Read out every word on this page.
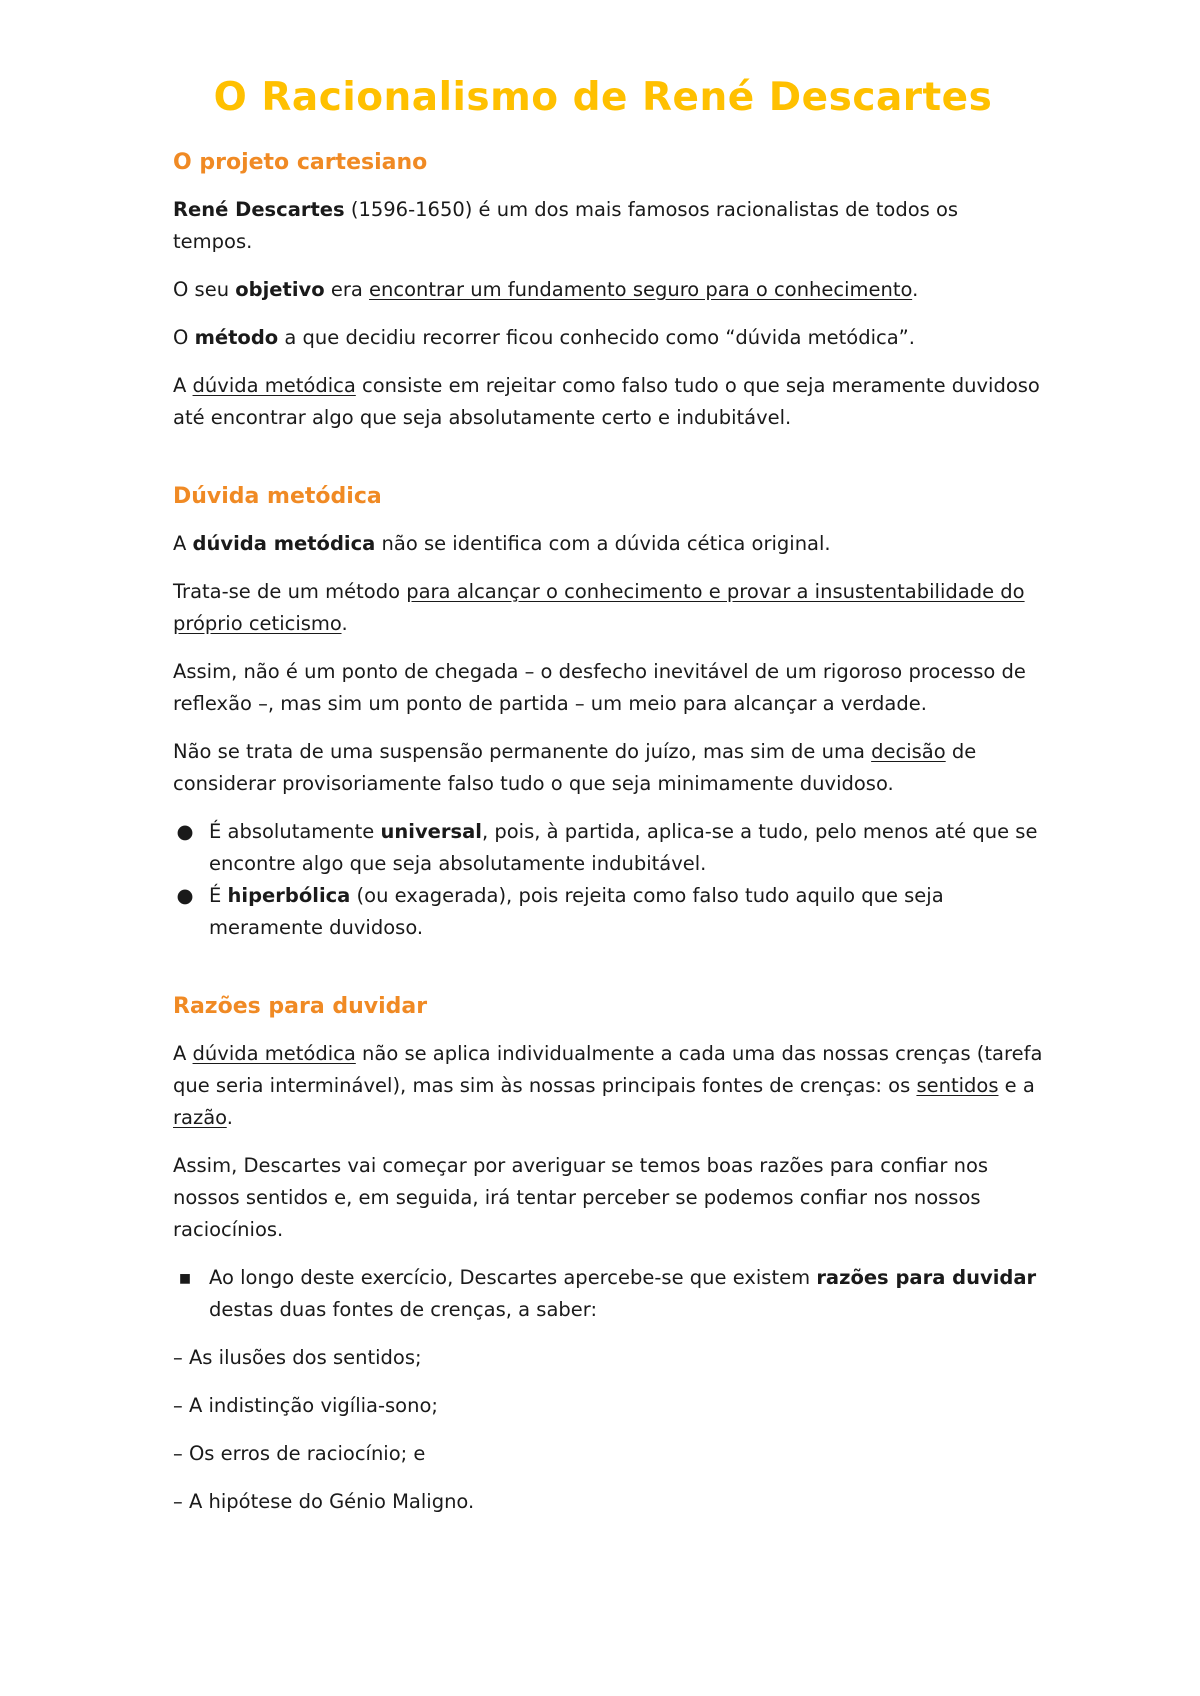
O Racionalismo de René Descartes
O projeto cartesiano

René Descartes (1596-1650) é um dos mais famosos racionalistas de todos os tempos.

O seu objetivo era encontrar um fundamento seguro para o conhecimento.

O método a que decidiu recorrer ficou conhecido como “dúvida metódica”.

A dúvida metódica consiste em rejeitar como falso tudo o que seja meramente duvidoso até encontrar algo que seja absolutamente certo e indubitável.

Dúvida metódica

A dúvida metódica não se identifica com a dúvida cética original.

Trata-se de um método para alcançar o conhecimento e provar a insustentabilidade do próprio ceticismo.

Assim, não é um ponto de chegada – o desfecho inevitável de um rigoroso processo de reflexão –, mas sim um ponto de partida – um meio para alcançar a verdade.

Não se trata de uma suspensão permanente do juízo, mas sim de uma decisão de considerar provisoriamente falso tudo o que seja minimamente duvidoso.

● É absolutamente universal, pois, à partida, aplica-se a tudo, pelo menos até que se encontre algo que seja absolutamente indubitável.
● É hiperbólica (ou exagerada), pois rejeita como falso tudo aquilo que seja meramente duvidoso.
Razões para duvidar

A dúvida metódica não se aplica individualmente a cada uma das nossas crenças (tarefa que seria interminável), mas sim às nossas principais fontes de crenças: os sentidos e a razão.

Assim, Descartes vai começar por averiguar se temos boas razões para confiar nos nossos sentidos e, em seguida, irá tentar perceber se podemos confiar nos nossos raciocínios.

▪ Ao longo deste exercício, Descartes apercebe-se que existem razões para duvidar destas duas fontes de crenças, a saber:
– As ilusões dos sentidos;
– A indistinção vigília-sono;
– Os erros de raciocínio; e
– A hipótese do Génio Maligno.
